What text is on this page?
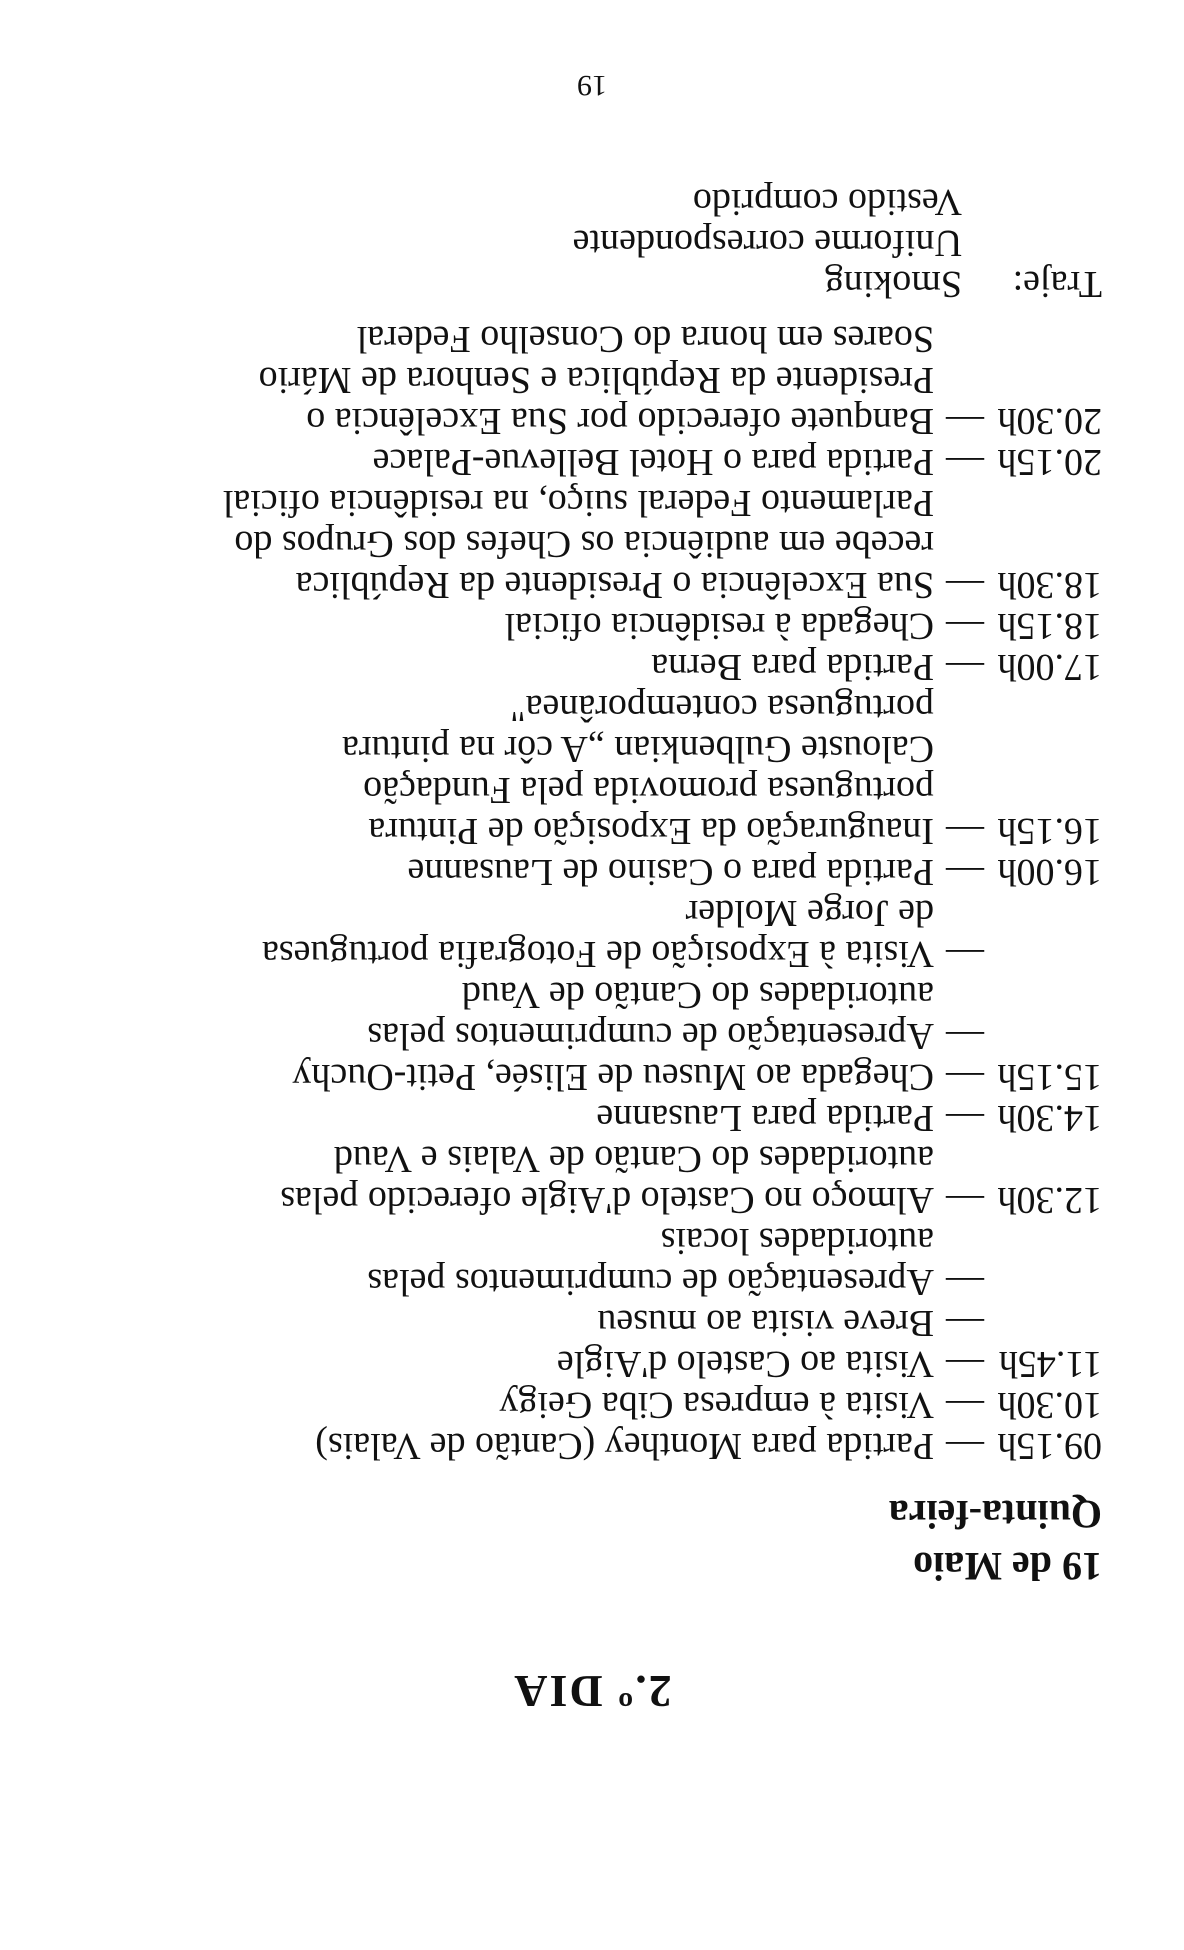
2.º DIA
19 de Maio
Quinta-feira
09.15h
—
Partida para Monthey (Cantão de Valais)
10.30h
—
Visita à empresa Ciba Geigy
11.45h
—
Visita ao Castelo d'Aigle
—
Breve visita ao museu
—
Apresentação de cumprimentos pelas
autoridades locais
12.30h
—
Almoço no Castelo d'Aigle oferecido pelas
autoridades do Cantão de Valais e Vaud
14.30h
—
Partida para Lausanne
15.15h
—
Chegada ao Museu de Elisée, Petit-Ouchy
—
Apresentação de cumprimentos pelas
autoridades do Cantão de Vaud
—
Visita à Exposição de Fotografia portuguesa
de Jorge Molder
16.00h
—
Partida para o Casino de Lausanne
16.15h
—
Inauguração da Exposição de Pintura
portuguesa promovida pela Fundação
Calouste Gulbenkian „A côr na pintura
portuguesa contemporânea"
17.00h
—
Partida para Berna
18.15h
—
Chegada à residência oficial
18.30h
—
Sua Excelência o Presidente da República
recebe em audiência os Chefes dos Grupos do
Parlamento Federal suiço, na residência oficial
20.15h
—
Partida para o Hotel Bellevue-Palace
20.30h
—
Banquete oferecido por Sua Excelência o
Presidente da República e Senhora de Mário
Soares em honra do Conselho Federal
Traje:
Smoking
Uniforme correspondente
Vestido comprido
19
